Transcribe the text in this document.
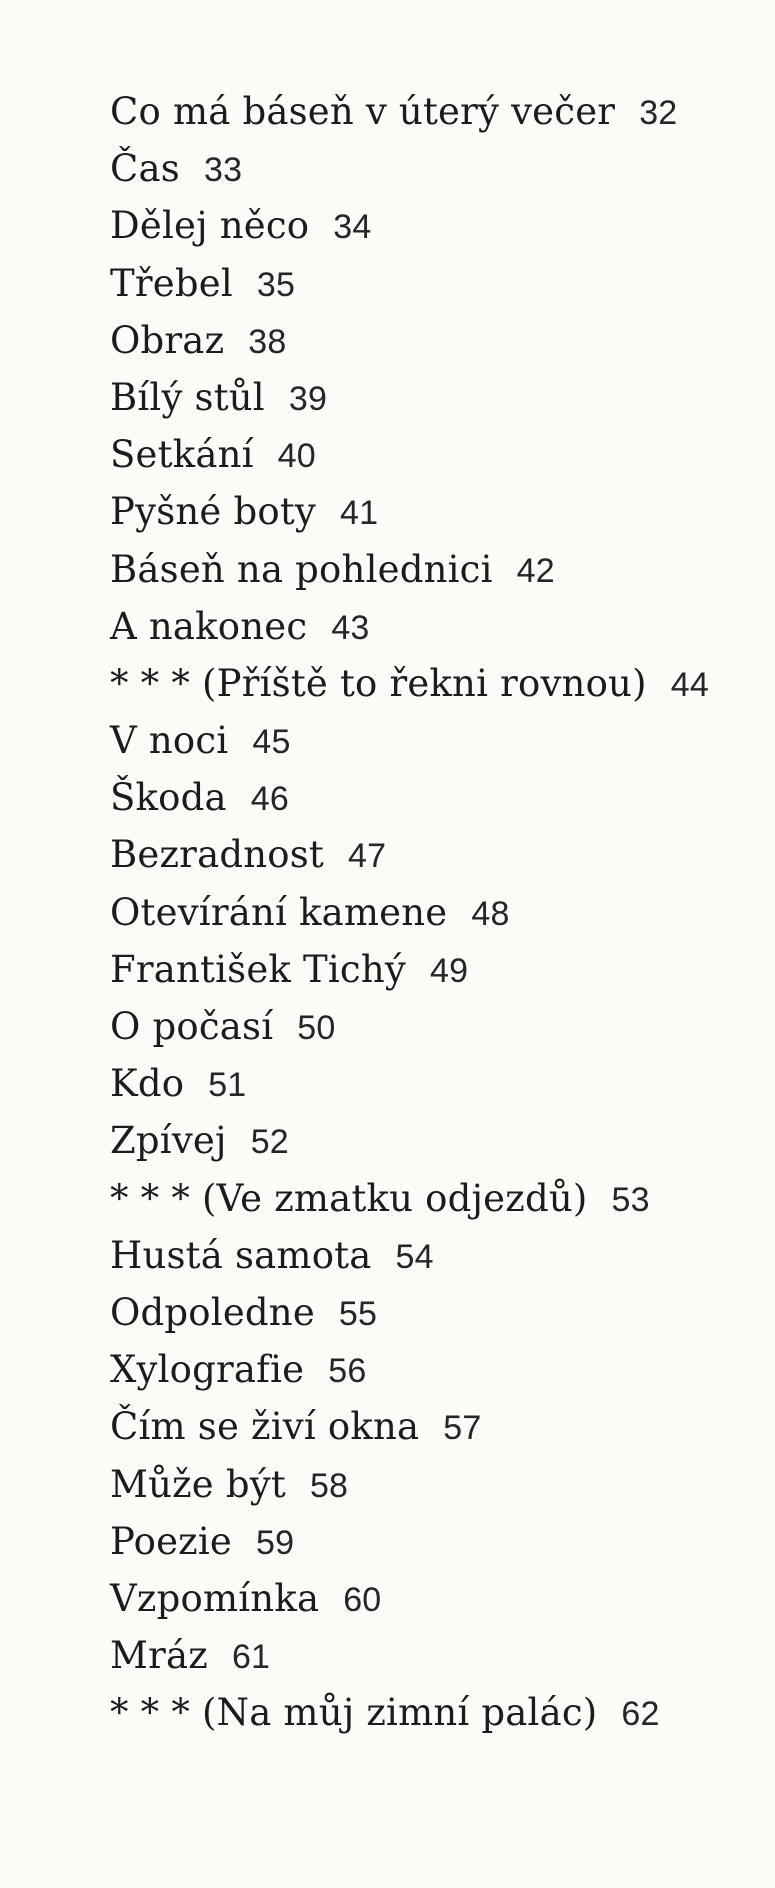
Co má báseň v úterý večer 32
Čas 33
Dělej něco 34
Třebel 35
Obraz 38
Bílý stůl 39
Setkání 40
Pyšné boty 41
Báseň na pohlednici 42
A nakonec 43
* * * (Příště to řekni rovnou) 44
V noci 45
Škoda 46
Bezradnost 47
Otevírání kamene 48
František Tichý 49
O počasí 50
Kdo 51
Zpívej 52
* * * (Ve zmatku odjezdů) 53
Hustá samota 54
Odpoledne 55
Xylografie 56
Čím se živí okna 57
Může být 58
Poezie 59
Vzpomínka 60
Mráz 61
* * * (Na můj zimní palác) 62
